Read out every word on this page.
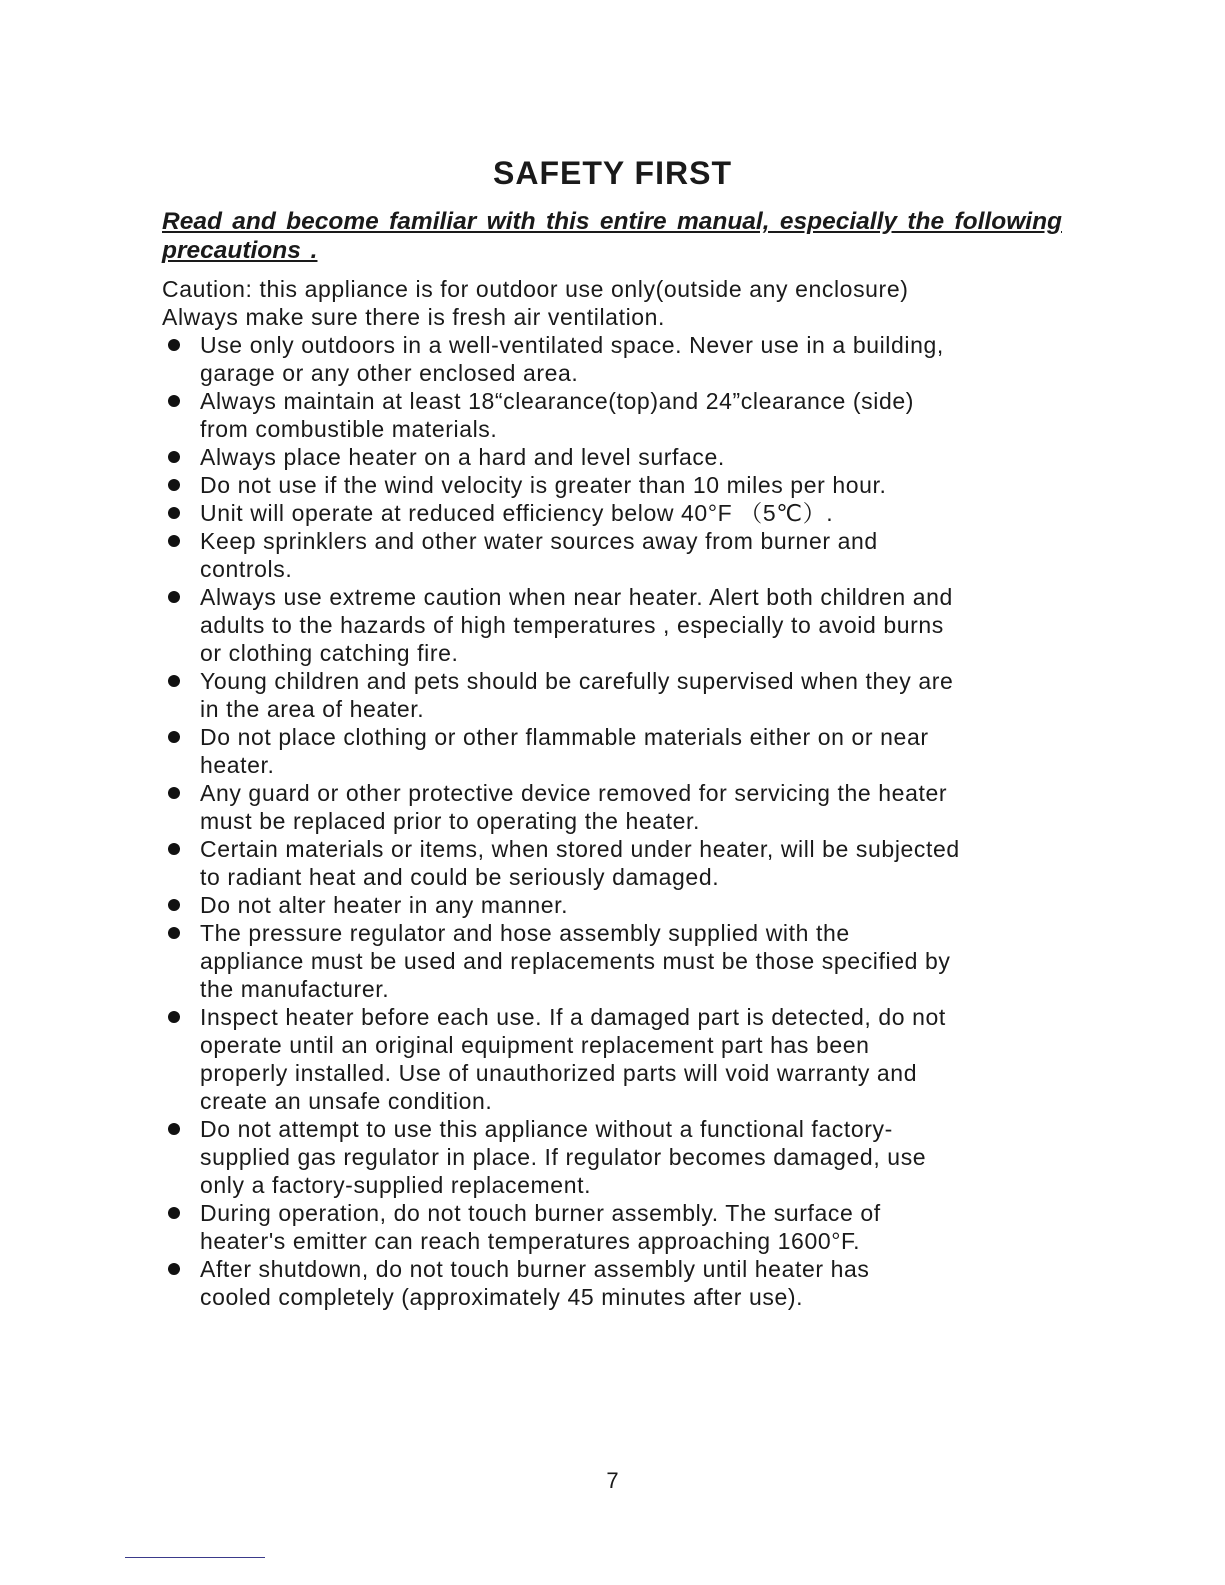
SAFETY FIRST
Read and become familiar with this entire manual, especially the following precautions .

Caution: this appliance is for outdoor use only(outside any enclosure)

Always make sure there is fresh air ventilation.

Use only outdoors in a well-ventilated space. Never use in a building,
garage or any other enclosed area.
Always maintain at least 18“clearance(top)and 24”clearance (side)
from combustible materials.
Always place heater on a hard and level surface.
Do not use if the wind velocity is greater than 10 miles per hour.
Unit will operate at reduced efficiency below 40°F （5℃）.
Keep sprinklers and other water sources away from burner and
controls.
Always use extreme caution when near heater. Alert both children and
adults to the hazards of high temperatures , especially to avoid burns
or clothing catching fire.
Young children and pets should be carefully supervised when they are
in the area of heater.
Do not place clothing or other flammable materials either on or near
heater.
Any guard or other protective device removed for servicing the heater
must be replaced prior to operating the heater.
Certain materials or items, when stored under heater, will be subjected
to radiant heat and could be seriously damaged.
Do not alter heater in any manner.
The pressure regulator and hose assembly supplied with the
appliance must be used and replacements must be those specified by
the manufacturer.
Inspect heater before each use. If a damaged part is detected, do not
operate until an original equipment replacement part has been
properly installed. Use of unauthorized parts will void warranty and
create an unsafe condition.
Do not attempt to use this appliance without a functional factory-
supplied gas regulator in place. If regulator becomes damaged, use
only a factory-supplied replacement.
During operation, do not touch burner assembly. The surface of
heater's emitter can reach temperatures approaching 1600°F.
After shutdown, do not touch burner assembly until heater has
cooled completely (approximately 45 minutes after use).
7
